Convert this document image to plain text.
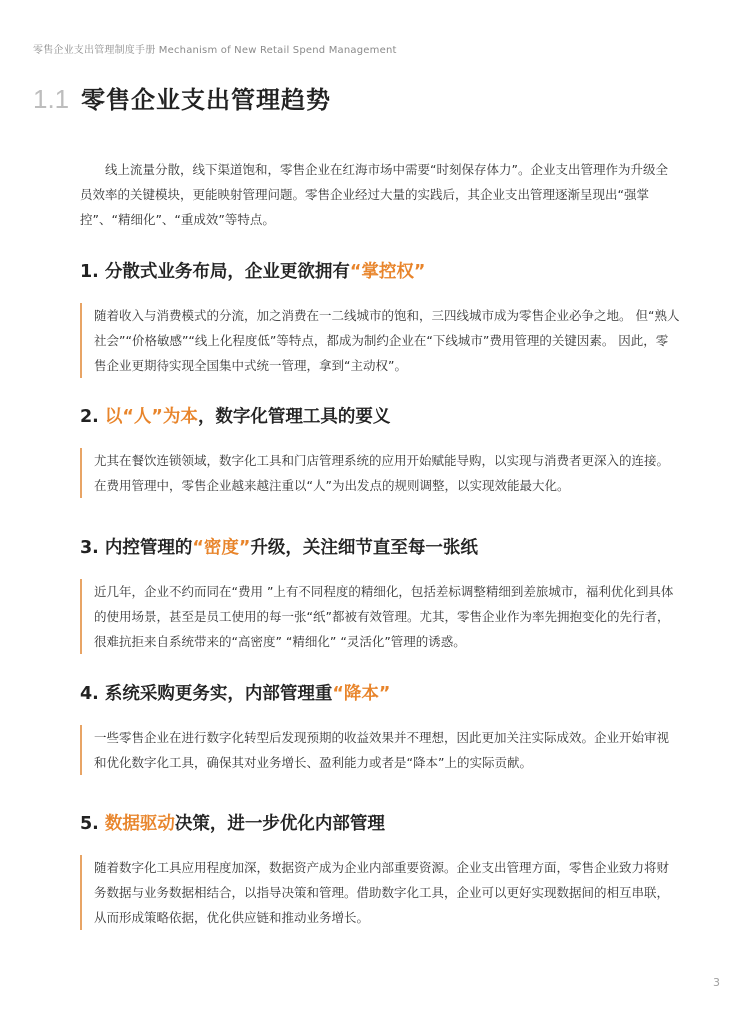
零售企业支出管理制度手册 Mechanism of New Retail Spend Management
1.1 零售企业支出管理趋势

线上流量分散，线下渠道饱和，零售企业在红海市场中需要“时刻保存体力”。企业支出管理作为升级全员效率的关键模块，更能映射管理问题。零售企业经过大量的实践后，其企业支出管理逐渐呈现出“强掌控”、“精细化”、“重成效”等特点。

1. 分散式业务布局，企业更欲拥有“掌控权”

随着收入与消费模式的分流，加之消费在一二线城市的饱和，三四线城市成为零售企业必争之地。 但“熟人社会”“价格敏感”“线上化程度低”等特点，都成为制约企业在“下线城市”费用管理的关键因素。 因此，零售企业更期待实现全国集中式统一管理，拿到“主动权”。

2. 以“人”为本，数字化管理工具的要义

尤其在餐饮连锁领域，数字化工具和门店管理系统的应用开始赋能导购，以实现与消费者更深入的连接。在费用管理中，零售企业越来越注重以“人”为出发点的规则调整，以实现效能最大化。

3. 内控管理的“密度”升级，关注细节直至每一张纸

近几年，企业不约而同在“费用 ”上有不同程度的精细化，包括差标调整精细到差旅城市，福利优化到具体的使用场景，甚至是员工使用的每一张“纸”都被有效管理。尤其，零售企业作为率先拥抱变化的先行者，很难抗拒来自系统带来的“高密度” “精细化” “灵活化”管理的诱惑。

4. 系统采购更务实，内部管理重“降本”

一些零售企业在进行数字化转型后发现预期的收益效果并不理想，因此更加关注实际成效。企业开始审视和优化数字化工具，确保其对业务增长、盈利能力或者是“降本”上的实际贡献。

5. 数据驱动决策，进一步优化内部管理

随着数字化工具应用程度加深，数据资产成为企业内部重要资源。企业支出管理方面，零售企业致力将财务数据与业务数据相结合，以指导决策和管理。借助数字化工具，企业可以更好实现数据间的相互串联，从而形成策略依据，优化供应链和推动业务增长。
3
